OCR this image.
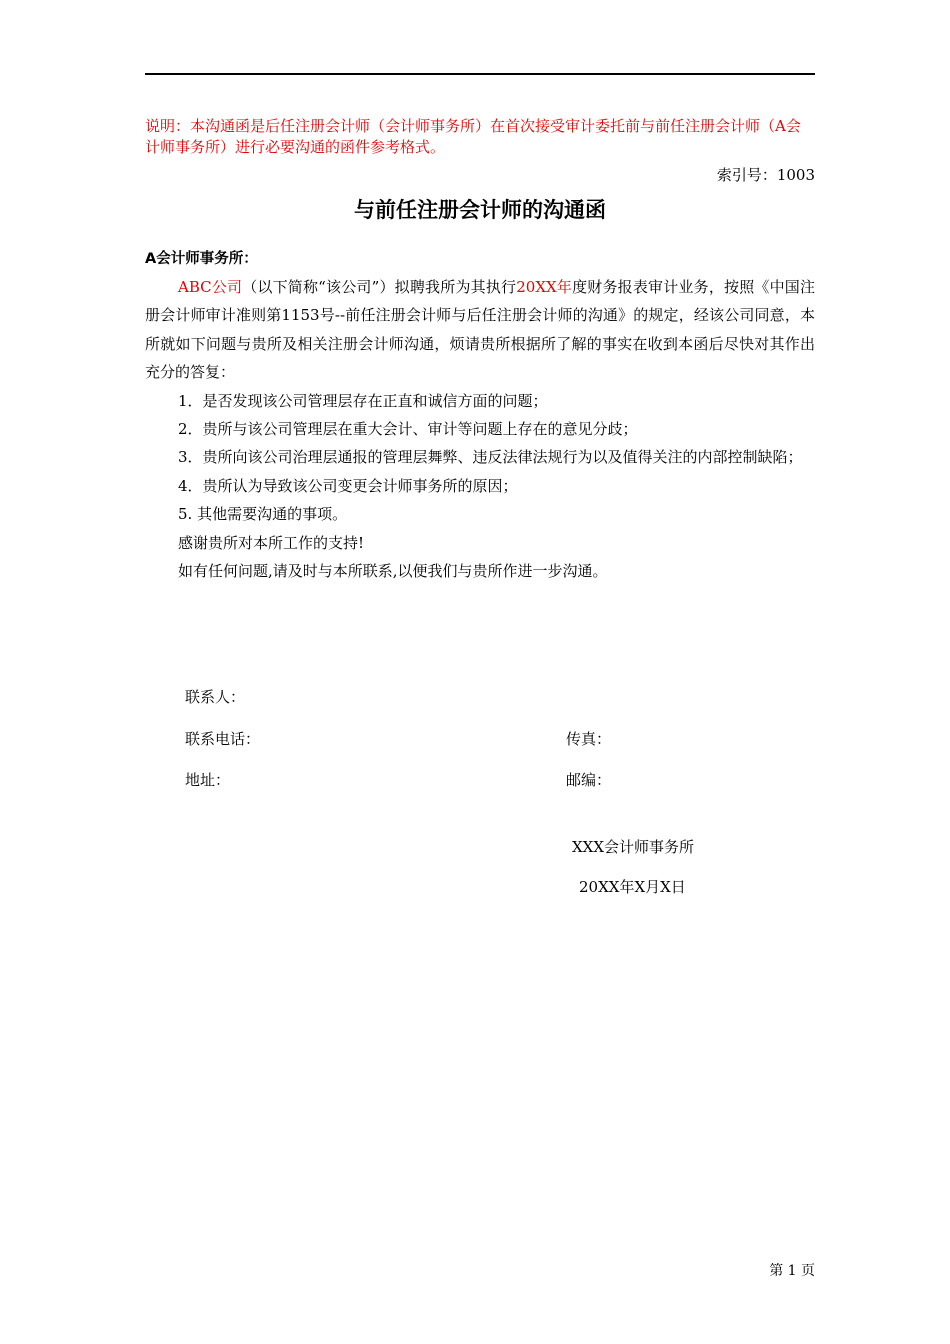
说明：本沟通函是后任注册会计师（会计师事务所）在首次接受审计委托前与前任注册会计师（A会计师事务所）进行必要沟通的函件参考格式。
索引号：1003
与前任注册会计师的沟通函
A会计师事务所：

ABC公司（以下简称“该公司”）拟聘我所为其执行20XX年度财务报表审计业务，按照《中国注册会计师审计准则第1153号--前任注册会计师与后任注册会计师的沟通》的规定，经该公司同意，本所就如下问题与贵所及相关注册会计师沟通，烦请贵所根据所了解的事实在收到本函后尽快对其作出充分的答复：

1．是否发现该公司管理层存在正直和诚信方面的问题；

2．贵所与该公司管理层在重大会计、审计等问题上存在的意见分歧；

3．贵所向该公司治理层通报的管理层舞弊、违反法律法规行为以及值得关注的内部控制缺陷；

4．贵所认为导致该公司变更会计师事务所的原因；

5. 其他需要沟通的事项。

感谢贵所对本所工作的支持!

如有任何问题,请及时与本所联系,以便我们与贵所作进一步沟通。

联系人：
联系电话：	传真：
地址：	邮编：
XXX会计师事务所
20XX年X月X日
第 1 页
